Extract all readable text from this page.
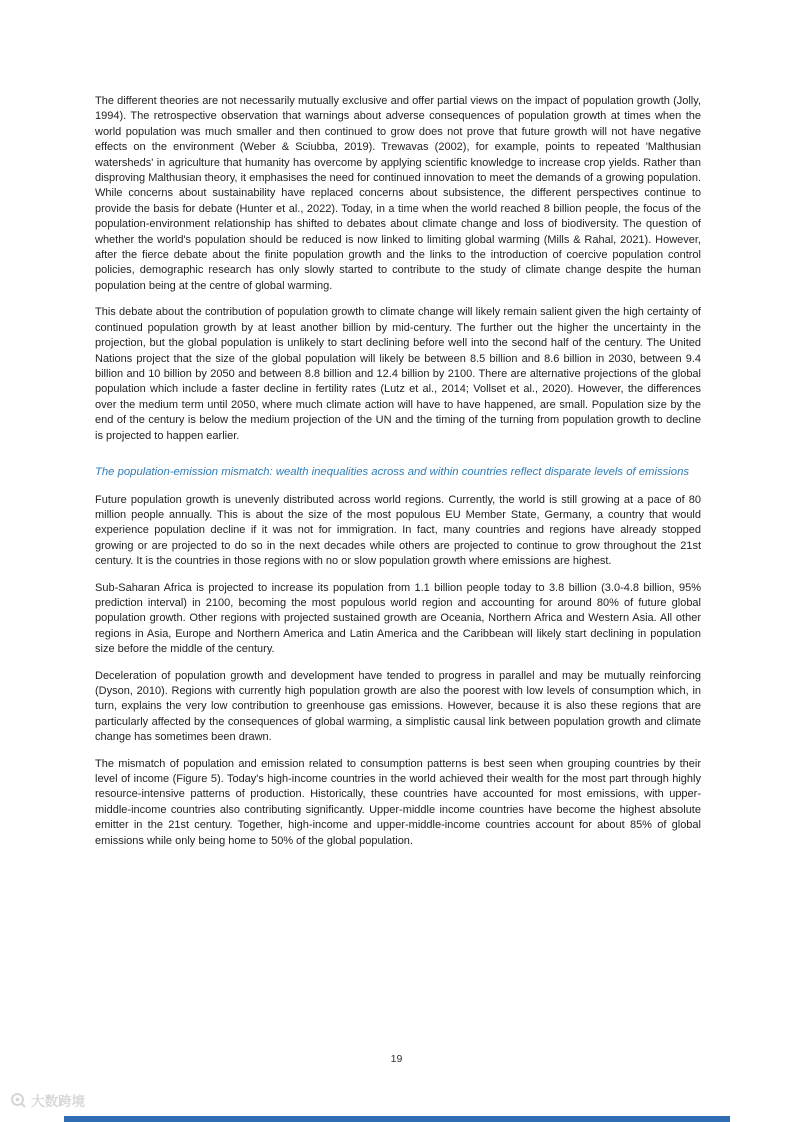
The different theories are not necessarily mutually exclusive and offer partial views on the impact of population growth (Jolly, 1994). The retrospective observation that warnings about adverse consequences of population growth at times when the world population was much smaller and then continued to grow does not prove that future growth will not have negative effects on the environment (Weber & Sciubba, 2019). Trewavas (2002), for example, points to repeated 'Malthusian watersheds' in agriculture that humanity has overcome by applying scientific knowledge to increase crop yields. Rather than disproving Malthusian theory, it emphasises the need for continued innovation to meet the demands of a growing population. While concerns about sustainability have replaced concerns about subsistence, the different perspectives continue to provide the basis for debate (Hunter et al., 2022). Today, in a time when the world reached 8 billion people, the focus of the population-environment relationship has shifted to debates about climate change and loss of biodiversity. The question of whether the world's population should be reduced is now linked to limiting global warming (Mills & Rahal, 2021). However, after the fierce debate about the finite population growth and the links to the introduction of coercive population control policies, demographic research has only slowly started to contribute to the study of climate change despite the human population being at the centre of global warming.

This debate about the contribution of population growth to climate change will likely remain salient given the high certainty of continued population growth by at least another billion by mid-century. The further out the higher the uncertainty in the projection, but the global population is unlikely to start declining before well into the second half of the century. The United Nations project that the size of the global population will likely be between 8.5 billion and 8.6 billion in 2030, between 9.4 billion and 10 billion by 2050 and between 8.8 billion and 12.4 billion by 2100. There are alternative projections of the global population which include a faster decline in fertility rates (Lutz et al., 2014; Vollset et al., 2020). However, the differences over the medium term until 2050, where much climate action will have to have happened, are small. Population size by the end of the century is below the medium projection of the UN and the timing of the turning from population growth to decline is projected to happen earlier.

The population-emission mismatch: wealth inequalities across and within countries reflect disparate levels of emissions

Future population growth is unevenly distributed across world regions. Currently, the world is still growing at a pace of 80 million people annually. This is about the size of the most populous EU Member State, Germany, a country that would experience population decline if it was not for immigration. In fact, many countries and regions have already stopped growing or are projected to do so in the next decades while others are projected to continue to grow throughout the 21st century. It is the countries in those regions with no or slow population growth where emissions are highest.

Sub-Saharan Africa is projected to increase its population from 1.1 billion people today to 3.8 billion (3.0-4.8 billion, 95% prediction interval) in 2100, becoming the most populous world region and accounting for around 80% of future global population growth. Other regions with projected sustained growth are Oceania, Northern Africa and Western Asia. All other regions in Asia, Europe and Northern America and Latin America and the Caribbean will likely start declining in population size before the middle of the century.

Deceleration of population growth and development have tended to progress in parallel and may be mutually reinforcing (Dyson, 2010). Regions with currently high population growth are also the poorest with low levels of consumption which, in turn, explains the very low contribution to greenhouse gas emissions. However, because it is also these regions that are particularly affected by the consequences of global warming, a simplistic causal link between population growth and climate change has sometimes been drawn.

The mismatch of population and emission related to consumption patterns is best seen when grouping countries by their level of income (Figure 5). Today's high-income countries in the world achieved their wealth for the most part through highly resource-intensive patterns of production. Historically, these countries have accounted for most emissions, with upper-middle-income countries also contributing significantly. Upper-middle income countries have become the highest absolute emitter in the 21st century. Together, high-income and upper-middle-income countries account for about 85% of global emissions while only being home to 50% of the global population.

19
大数跨境
